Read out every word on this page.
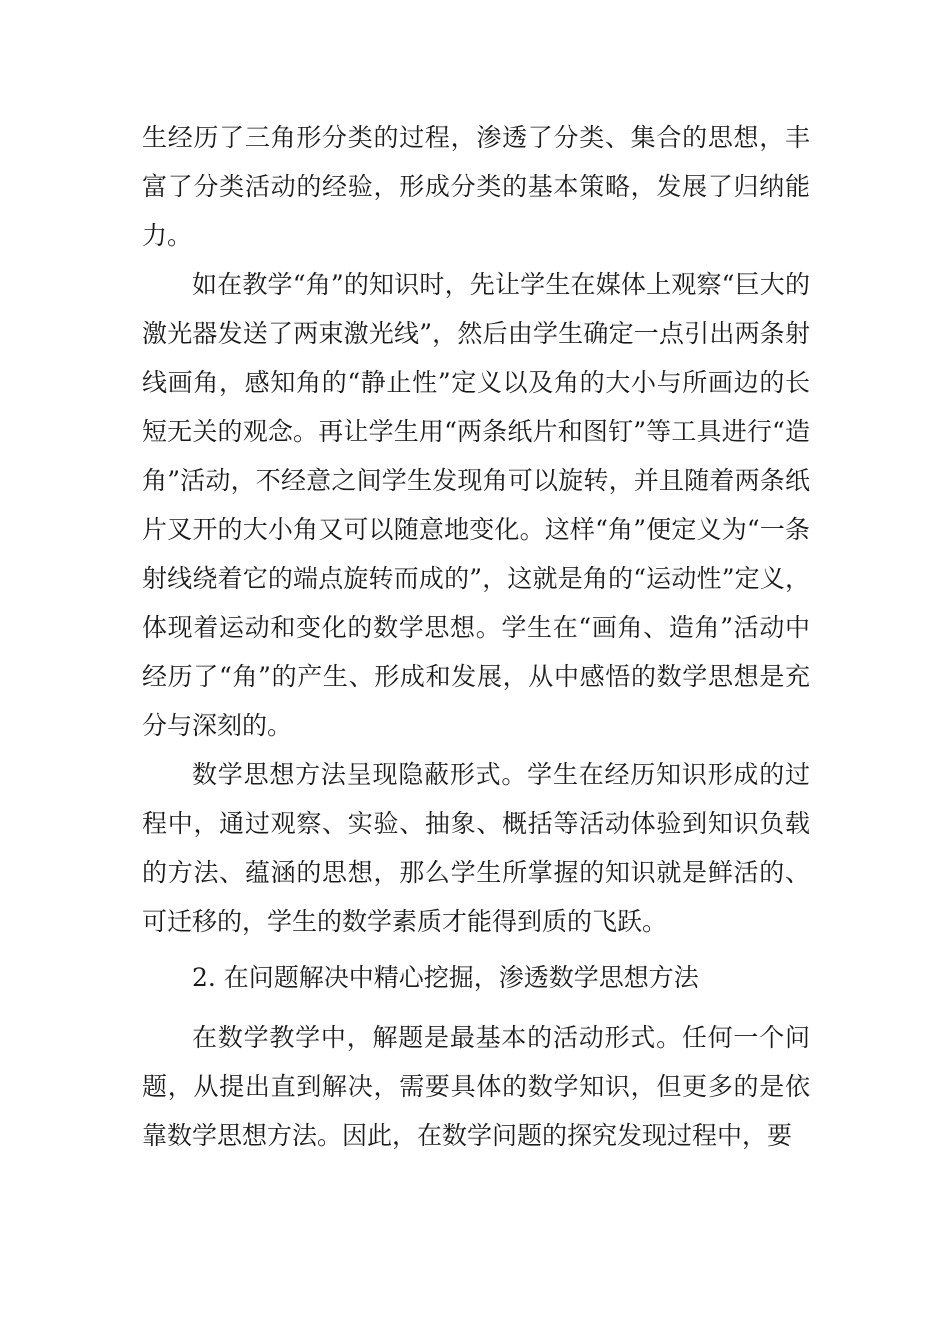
生经历了三角形分类的过程，渗透了分类、集合的思想，丰富了分类活动的经验，形成分类的基本策略，发展了归纳能力。

如在教学“角”的知识时，先让学生在媒体上观察“巨大的激光器发送了两束激光线”，然后由学生确定一点引出两条射线画角，感知角的“静止性”定义以及角的大小与所画边的长短无关的观念。再让学生用“两条纸片和图钉”等工具进行“造角”活动，不经意之间学生发现角可以旋转，并且随着两条纸片叉开的大小角又可以随意地变化。这样“角”便定义为“一条射线绕着它的端点旋转而成的”，这就是角的“运动性”定义，体现着运动和变化的数学思想。学生在“画角、造角”活动中经历了“角”的产生、形成和发展，从中感悟的数学思想是充分与深刻的。

数学思想方法呈现隐蔽形式。学生在经历知识形成的过程中，通过观察、实验、抽象、概括等活动体验到知识负载的方法、蕴涵的思想，那么学生所掌握的知识就是鲜活的、可迁移的，学生的数学素质才能得到质的飞跃。

2. 在问题解决中精心挖掘，渗透数学思想方法

在数学教学中，解题是最基本的活动形式。任何一个问题，从提出直到解决，需要具体的数学知识，但更多的是依靠数学思想方法。因此，在数学问题的探究发现过程中，要
